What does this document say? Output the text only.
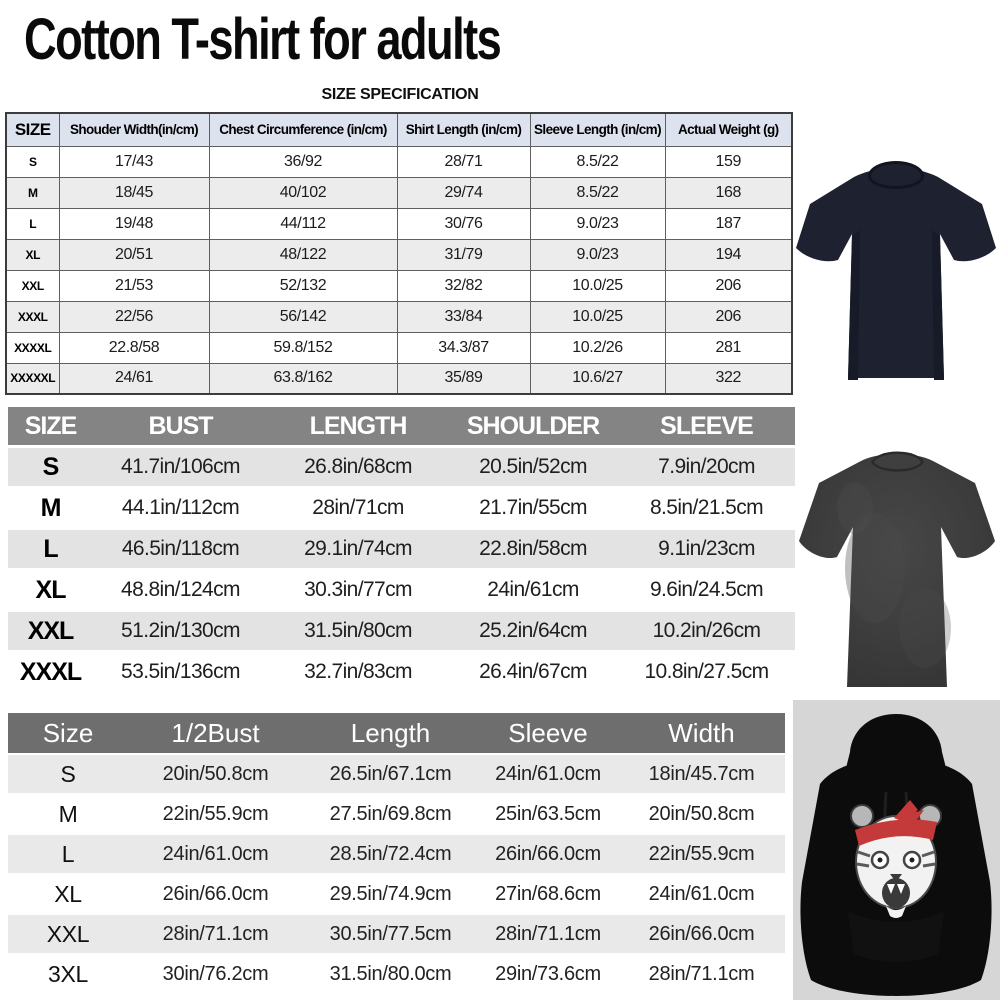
Cotton T-shirt for adults
SIZE SPECIFICATION
SIZE	Shouder Width(in/cm)	Chest Circumference (in/cm)	Shirt Length (in/cm)	Sleeve Length (in/cm)	Actual Weight (g)
S	17/43	36/92	28/71	8.5/22	159
M	18/45	40/102	29/74	8.5/22	168
L	19/48	44/112	30/76	9.0/23	187
XL	20/51	48/122	31/79	9.0/23	194
XXL	21/53	52/132	32/82	10.0/25	206
XXXL	22/56	56/142	33/84	10.0/25	206
XXXXL	22.8/58	59.8/152	34.3/87	10.2/26	281
XXXXXL	24/61	63.8/162	35/89	10.6/27	322
SIZE	BUST	LENGTH	SHOULDER	SLEEVE
S	41.7in/106cm	26.8in/68cm	20.5in/52cm	7.9in/20cm
M	44.1in/112cm	28in/71cm	21.7in/55cm	8.5in/21.5cm
L	46.5in/118cm	29.1in/74cm	22.8in/58cm	9.1in/23cm
XL	48.8in/124cm	30.3in/77cm	24in/61cm	9.6in/24.5cm
XXL	51.2in/130cm	31.5in/80cm	25.2in/64cm	10.2in/26cm
XXXL	53.5in/136cm	32.7in/83cm	26.4in/67cm	10.8in/27.5cm
Size	1/2Bust	Length	Sleeve	Width
S	20in/50.8cm	26.5in/67.1cm	24in/61.0cm	18in/45.7cm
M	22in/55.9cm	27.5in/69.8cm	25in/63.5cm	20in/50.8cm
L	24in/61.0cm	28.5in/72.4cm	26in/66.0cm	22in/55.9cm
XL	26in/66.0cm	29.5in/74.9cm	27in/68.6cm	24in/61.0cm
XXL	28in/71.1cm	30.5in/77.5cm	28in/71.1cm	26in/66.0cm
3XL	30in/76.2cm	31.5in/80.0cm	29in/73.6cm	28in/71.1cm
